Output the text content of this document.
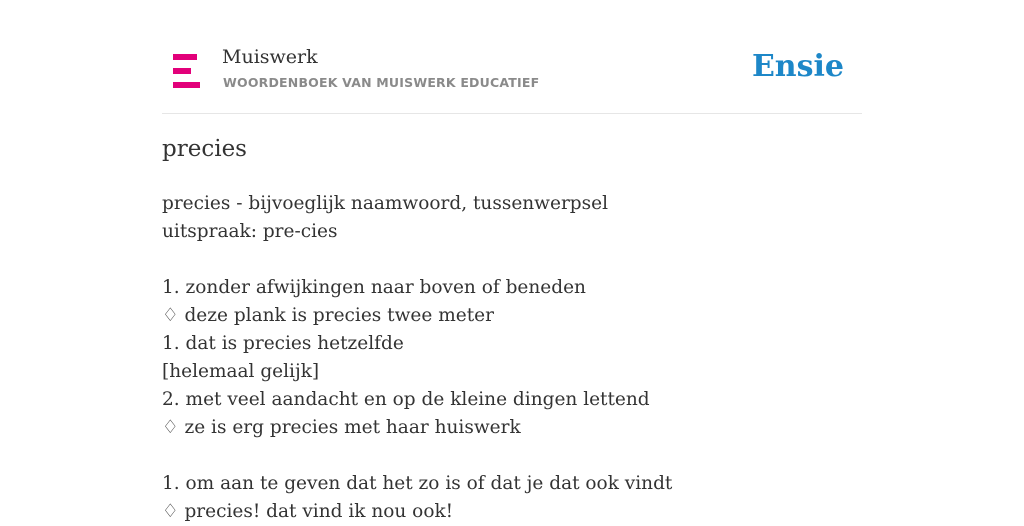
Muiswerk
WOORDENBOEK VAN MUISWERK EDUCATIEF	Ensie
precies
precies - bijvoeglijk naamwoord, tussenwerpsel
uitspraak: pre-cies
1. zonder afwijkingen naar boven of beneden
♢ deze plank is precies twee meter
1. dat is precies hetzelfde
[helemaal gelijk]
2. met veel aandacht en op de kleine dingen lettend
♢ ze is erg precies met haar huiswerk
1. om aan te geven dat het zo is of dat je dat ook vindt
♢ precies! dat vind ik nou ook!
